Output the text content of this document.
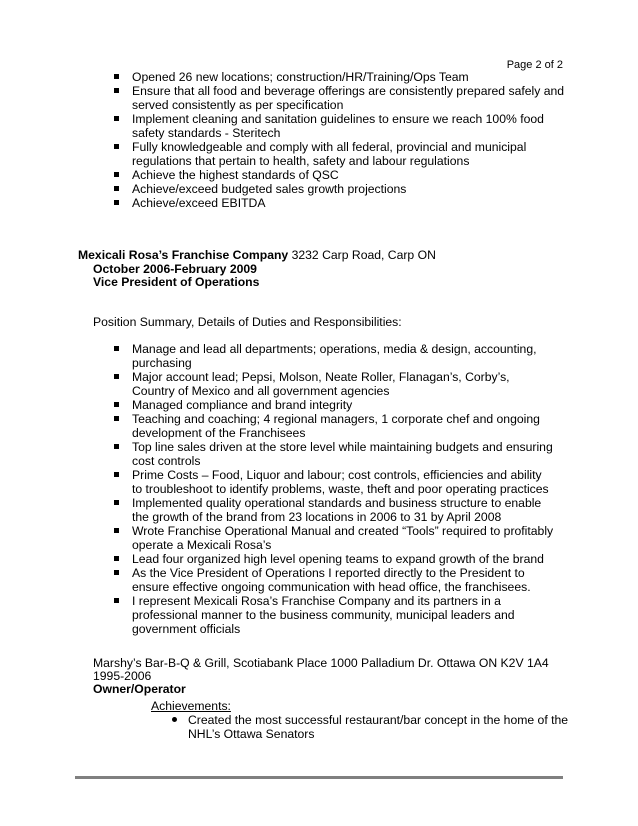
Page 2 of 2
Opened 26 new locations; construction/HR/Training/Ops Team
Ensure that all food and beverage offerings are consistently prepared safely and served consistently as per specification
Implement cleaning and sanitation guidelines to ensure we reach 100% food safety standards - Steritech
Fully knowledgeable and comply with all federal, provincial and municipal regulations that pertain to health, safety and labour regulations
Achieve the highest standards of QSC
Achieve/exceed budgeted sales growth projections
Achieve/exceed EBITDA
Mexicali Rosa’s Franchise Company 3232 Carp Road, Carp ON
October 2006-February 2009
Vice President of Operations
Position Summary, Details of Duties and Responsibilities:
Manage and lead all departments; operations, media & design, accounting, purchasing
Major account lead; Pepsi, Molson, Neate Roller, Flanagan’s, Corby’s, Country of Mexico and all government agencies
Managed compliance and brand integrity
Teaching and coaching; 4 regional managers, 1 corporate chef and ongoing development of the Franchisees
Top line sales driven at the store level while maintaining budgets and ensuring cost controls
Prime Costs – Food, Liquor and labour; cost controls, efficiencies and ability to troubleshoot to identify problems, waste, theft and poor operating practices
Implemented quality operational standards and business structure to enable the growth of the brand from 23 locations in 2006 to 31 by April 2008
Wrote Franchise Operational Manual and created “Tools” required to profitably operate a Mexicali Rosa’s
Lead four organized high level opening teams to expand growth of the brand
As the Vice President of Operations I reported directly to the President to ensure effective ongoing communication with head office, the franchisees.
I represent Mexicali Rosa’s Franchise Company and its partners in a professional manner to the business community, municipal leaders and government officials
Marshy’s Bar-B-Q & Grill, Scotiabank Place 1000 Palladium Dr. Ottawa ON K2V 1A4
1995-2006
Owner/Operator
Achievements:
Created the most successful restaurant/bar concept in the home of the NHL’s Ottawa Senators
